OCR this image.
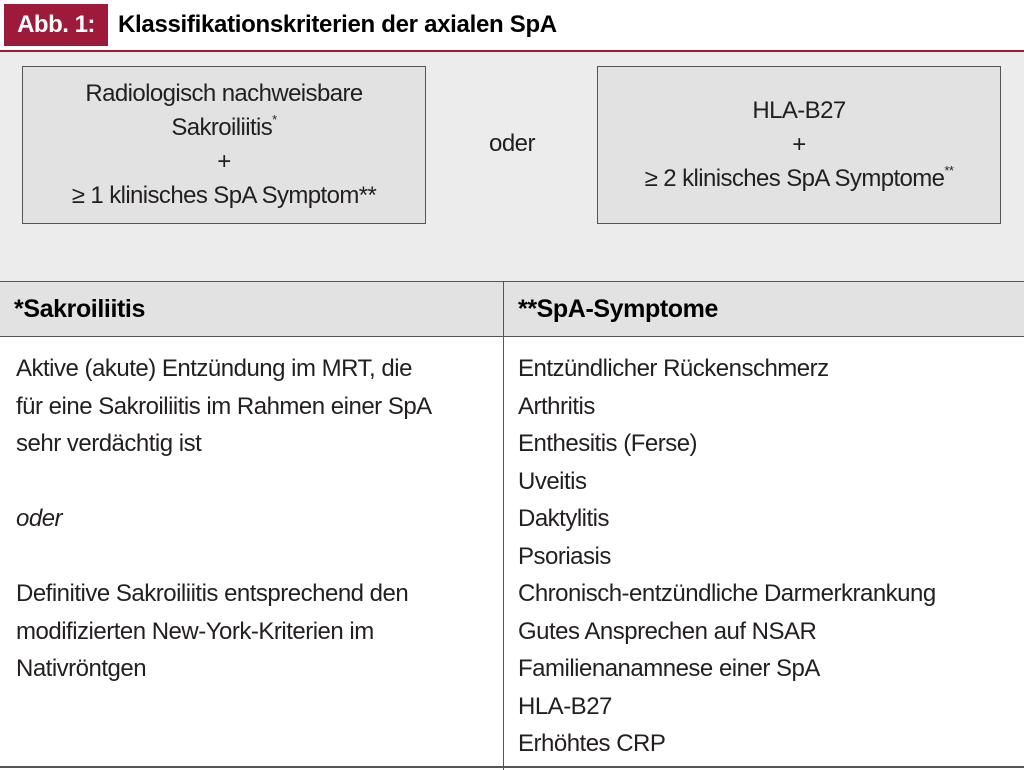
Abb. 1: Klassifikationskriterien der axialen SpA
Radiologisch nachweisbare
Sakroiliitis*
+
≥ 1 klinisches SpA Symptom**
oder
HLA-B27
+
≥ 2 klinisches SpA Symptome**
*Sakroiliitis	**SpA-Symptome
Aktive (akute) Entzündung im MRT, die
für eine Sakroiliitis im Rahmen einer SpA
sehr verdächtig ist
oder
Definitive Sakroiliitis entsprechend den
modifizierten New-York-Kriterien im
Nativröntgen
Entzündlicher Rückenschmerz
Arthritis
Enthesitis (Ferse)
Uveitis
Daktylitis
Psoriasis
Chronisch-entzündliche Darmerkrankung
Gutes Ansprechen auf NSAR
Familienanamnese einer SpA
HLA-B27
Erhöhtes CRP
